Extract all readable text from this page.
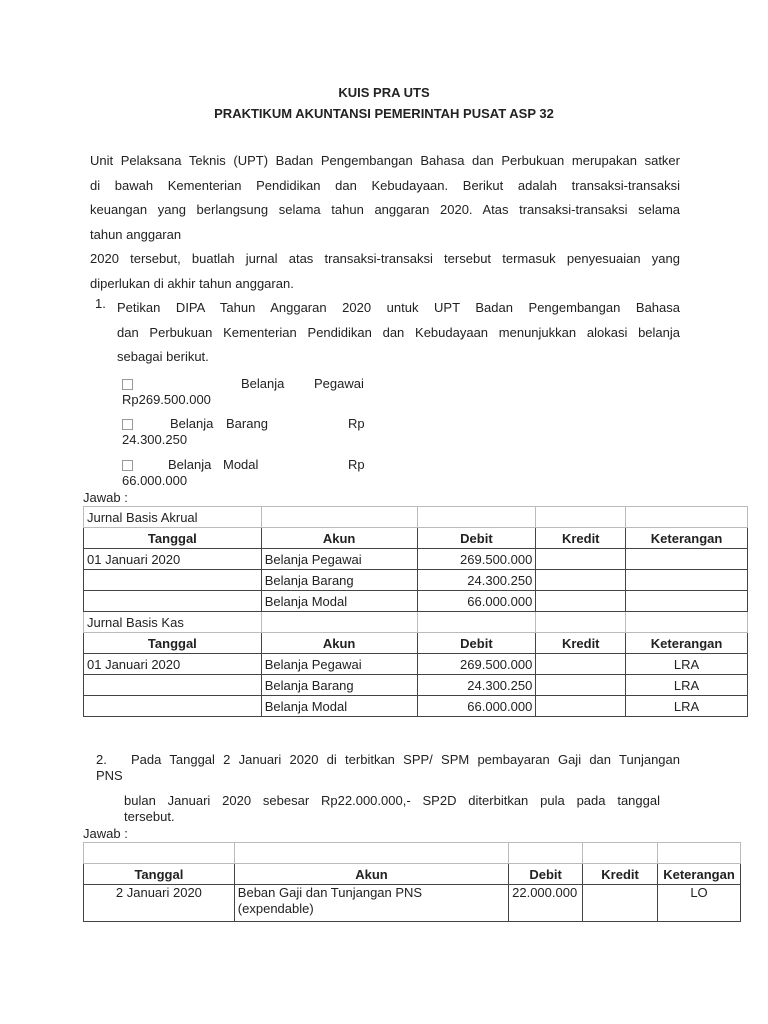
KUIS PRA UTS
PRAKTIKUM AKUNTANSI PEMERINTAH PUSAT ASP 32
Unit Pelaksana Teknis (UPT) Badan Pengembangan Bahasa dan Perbukuan merupakan satker
di bawah Kementerian Pendidikan dan Kebudayaan. Berikut adalah transaksi-transaksi
keuangan yang berlangsung selama tahun anggaran 2020. Atas transaksi-transaksi selama
tahun anggaran
2020 tersebut, buatlah jurnal atas transaksi-transaksi tersebut termasuk penyesuaian yang
diperlukan di akhir tahun anggaran.
1. Petikan DIPA Tahun Anggaran 2020 untuk UPT Badan Pengembangan Bahasa
dan Perbukuan Kementerian Pendidikan dan Kebudayaan menunjukkan alokasi belanja
sebagai berikut.
Belanja Pegawai
Rp269.500.000
Belanja Barang	Rp
24.300.250
Belanja Modal	Rp
66.000.000
Jawab :
Jurnal Basis Akrual				
Tanggal	Akun	Debit	Kredit	Keterangan
01 Januari 2020	Belanja Pegawai	269.500.000		
	Belanja Barang	24.300.250		
	Belanja Modal	66.000.000		
Jurnal Basis Kas				
Tanggal	Akun	Debit	Kredit	Keterangan
01 Januari 2020	Belanja Pegawai	269.500.000		LRA
	Belanja Barang	24.300.250		LRA
	Belanja Modal	66.000.000		LRA
2. Pada Tanggal 2 Januari 2020 di terbitkan SPP/ SPM pembayaran Gaji dan Tunjangan
PNS
bulan Januari 2020 sebesar Rp22.000.000,- SP2D diterbitkan pula pada tanggal
tersebut.
Jawab :

Tanggal	Akun	Debit	Kredit	Keterangan
2 Januari 2020	Beban Gaji dan Tunjangan PNS
(expendable)	22.000.000		LO
